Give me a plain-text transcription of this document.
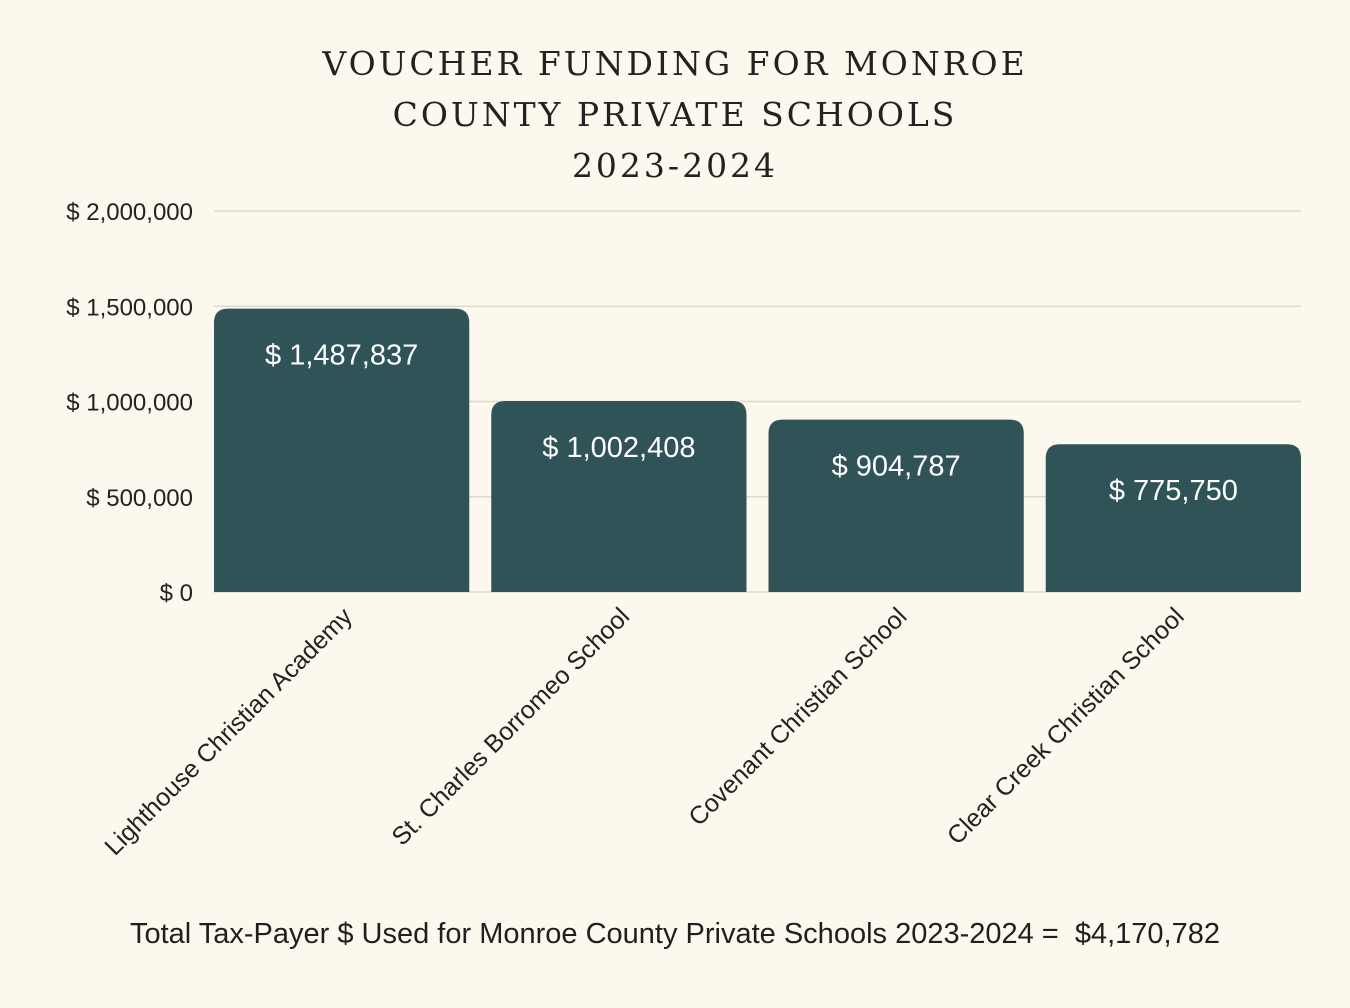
VOUCHER FUNDING FOR MONROE
COUNTY PRIVATE SCHOOLS
2023-2024
$ 0
$ 500,000
$ 1,000,000
$ 1,500,000
$ 2,000,000
$ 1,487,837
$ 1,002,408
$ 904,787
$ 775,750
Lighthouse Christian Academy St. Charles Borromeo School Covenant Christian School Clear Creek Christian School
Total Tax-Payer $ Used for Monroe County Private Schools 2023-2024 =  $4,170,782
